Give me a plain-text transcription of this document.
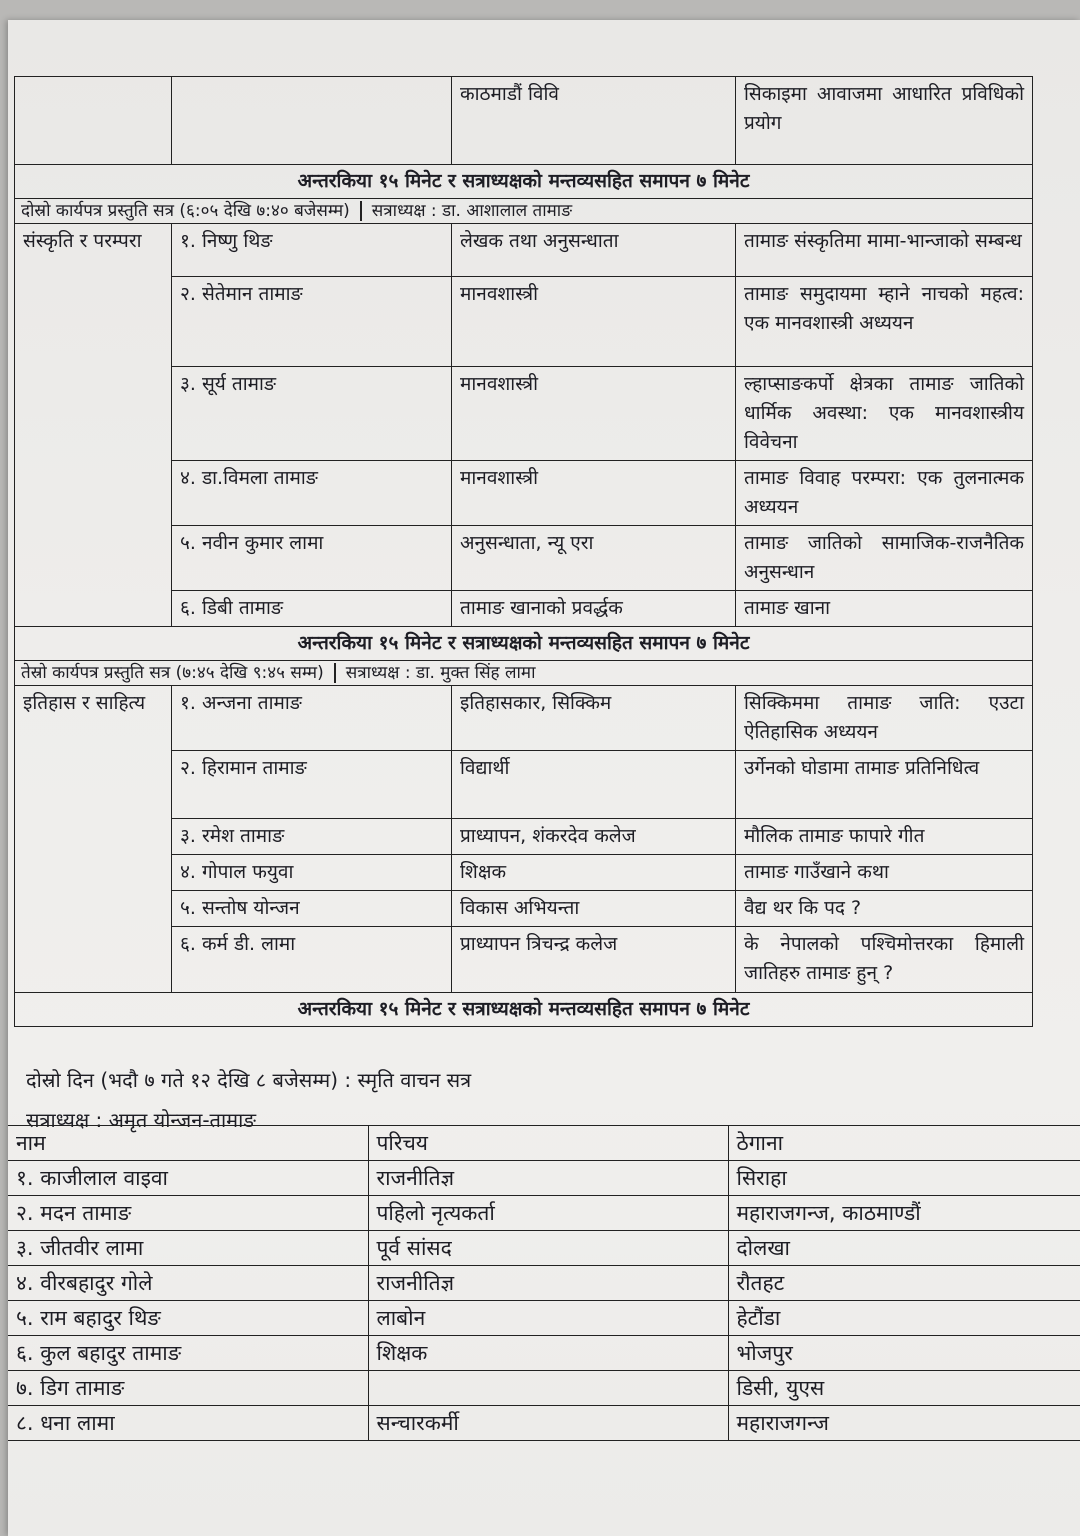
		काठमाडौं विवि	सिकाइमा आवाजमा आधारित प्रविधिको प्रयोग
अन्तरकिया १५ मिनेट र सत्राध्यक्षको मन्तव्यसहित समापन ७ मिनेट			
दोस्रो कार्यपत्र प्रस्तुति सत्र (६:०५ देखि ७:४० बजेसम्म) सत्राध्यक्ष : डा. आशालाल तामाङ			
संस्कृति र परम्परा	१. निष्णु थिङ	लेखक तथा अनुसन्धाता	तामाङ संस्कृतिमा मामा-भान्जाको सम्बन्ध
	२. सेतेमान तामाङ	मानवशास्त्री	तामाङ समुदायमा म्हाने नाचको महत्व: एक मानवशास्त्री अध्ययन
	३. सूर्य तामाङ	मानवशास्त्री	ल्हाप्साङकर्पो क्षेत्रका तामाङ जातिको धार्मिक अवस्था: एक मानवशास्त्रीय विवेचना
	४. डा.विमला तामाङ	मानवशास्त्री	तामाङ विवाह परम्परा: एक तुलनात्मक अध्ययन
	५. नवीन कुमार लामा	अनुसन्धाता, न्यू एरा	तामाङ जातिको सामाजिक-राजनैतिक अनुसन्धान
	६. डिबी तामाङ	तामाङ खानाको प्रवर्द्धक	तामाङ खाना
अन्तरकिया १५ मिनेट र सत्राध्यक्षको मन्तव्यसहित समापन ७ मिनेट			
तेस्रो कार्यपत्र प्रस्तुति सत्र (७:४५ देखि ९:४५ सम्म) सत्राध्यक्ष : डा. मुक्त सिंह लामा			
इतिहास र साहित्य	१. अन्जना तामाङ	इतिहासकार, सिक्किम	सिक्किममा तामाङ जाति: एउटा ऐतिहासिक अध्ययन
	२. हिरामान तामाङ	विद्यार्थी	उर्गेनको घोडामा तामाङ प्रतिनिधित्व
	३. रमेश तामाङ	प्राध्यापन, शंकरदेव कलेज	मौलिक तामाङ फापारे गीत
	४. गोपाल फयुवा	शिक्षक	तामाङ गाउँखाने कथा
	५. सन्तोष योन्जन	विकास अभियन्ता	वैद्य थर कि पद ?
	६. कर्म डी. लामा	प्राध्यापन त्रिचन्द्र कलेज	के नेपालको पश्चिमोत्तरका हिमाली जातिहरु तामाङ हुन् ?
अन्तरकिया १५ मिनेट र सत्राध्यक्षको मन्तव्यसहित समापन ७ मिनेट			
दोस्रो दिन (भदौ ७ गते १२ देखि ८ बजेसम्म) : स्मृति वाचन सत्र
सत्राध्यक्ष : अमृत योन्जन-तामाङ
नाम	परिचय	ठेगाना
१. काजीलाल वाइवा	राजनीतिज्ञ	सिराहा
२. मदन तामाङ	पहिलो नृत्यकर्ता	महाराजगन्ज, काठमाण्डौं
३. जीतवीर लामा	पूर्व सांसद	दोलखा
४. वीरबहादुर गोले	राजनीतिज्ञ	रौतहट
५. राम बहादुर थिङ	लाबोन	हेटौंडा
६. कुल बहादुर तामाङ	शिक्षक	भोजपुर
७. डिग तामाङ		डिसी, युएस
८. धना लामा	सन्चारकर्मी	महाराजगन्ज
